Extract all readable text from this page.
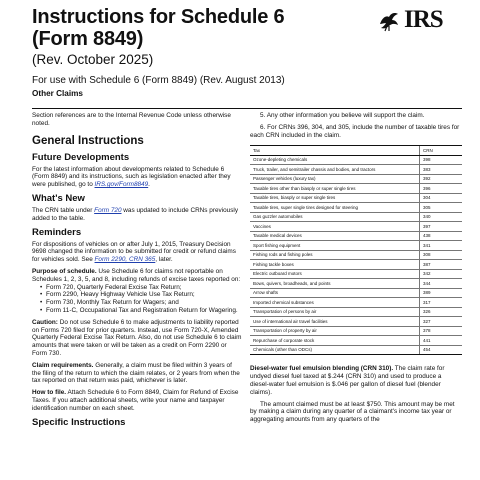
Instructions for Schedule 6
(Form 8849)
(Rev. October 2025)
For use with Schedule 6 (Form 8849) (Rev. August 2013)
Other Claims
IRS

Section references are to the Internal Revenue Code unless otherwise noted.

General Instructions
Future Developments

For the latest information about developments related to Schedule 6 (Form 8849) and its instructions, such as legislation enacted after they were published, go to IRS.gov/Form8849.

What's New

The CRN table under Form 720 was updated to include CRNs previously added to the table.

Reminders

For dispositions of vehicles on or after July 1, 2015, Treasury Decision 9698 changed the information to be submitted for credit or refund claims for vehicles sold. See Form 2290, CRN 365, later.

Purpose of schedule. Use Schedule 6 for claims not reportable on Schedules 1, 2, 3, 5, and 8, including refunds of excise taxes reported on:

• Form 720, Quarterly Federal Excise Tax Return;
• Form 2290, Heavy Highway Vehicle Use Tax Return;
• Form 730, Monthly Tax Return for Wagers; and
• Form 11-C, Occupational Tax and Registration Return for Wagering.

Caution: Do not use Schedule 6 to make adjustments to liability reported on Forms 720 filed for prior quarters. Instead, use Form 720-X, Amended Quarterly Federal Excise Tax Return. Also, do not use Schedule 6 to claim amounts that were taken or will be taken as a credit on Form 2290 or Form 730.

Claim requirements. Generally, a claim must be filed within 3 years of the filing of the return to which the claim relates, or 2 years from when the tax reported on that return was paid, whichever is later.

How to file. Attach Schedule 6 to Form 8849, Claim for Refund of Excise Taxes. If you attach additional sheets, write your name and taxpayer identification number on each sheet.

Specific Instructions

5. Any other information you believe will support the claim.

6. For CRNs 396, 304, and 305, include the number of taxable tires for each CRN included in the claim.

Tax	CRN
Ozone-depleting chemicals	398
Truck, trailer, and semitrailer chassis and bodies, and tractors	383
Passenger vehicles (luxury tax)	392
Taxable tires other than biasply or super single tires	396
Taxable tires, biasply or super single tires	304
Taxable tires, super single tires designed for steering	305
Gas guzzler automobiles	340
Vaccines	397
Taxable medical devices	438
Sport fishing equipment	341
Fishing rods and fishing poles	308
Fishing tackle boxes	387
Electric outboard motors	342
Bows, quivers, broadheads, and points	344
Arrow shafts	389
Imported chemical substances	317
Transportation of persons by air	326
Use of international air travel facilities	327
Transportation of property by air	378
Repurchase of corporate stock	441
Chemicals (other than ODCs)	454

Diesel-water fuel emulsion blending (CRN 310). The claim rate for undyed diesel fuel taxed at $.244 (CRN 310) and used to produce a diesel-water fuel emulsion is $.046 per gallon of diesel fuel (blender claims).

The amount claimed must be at least $750. This amount may be met by making a claim during any quarter of a claimant's income tax year or aggregating amounts from any quarters of the
